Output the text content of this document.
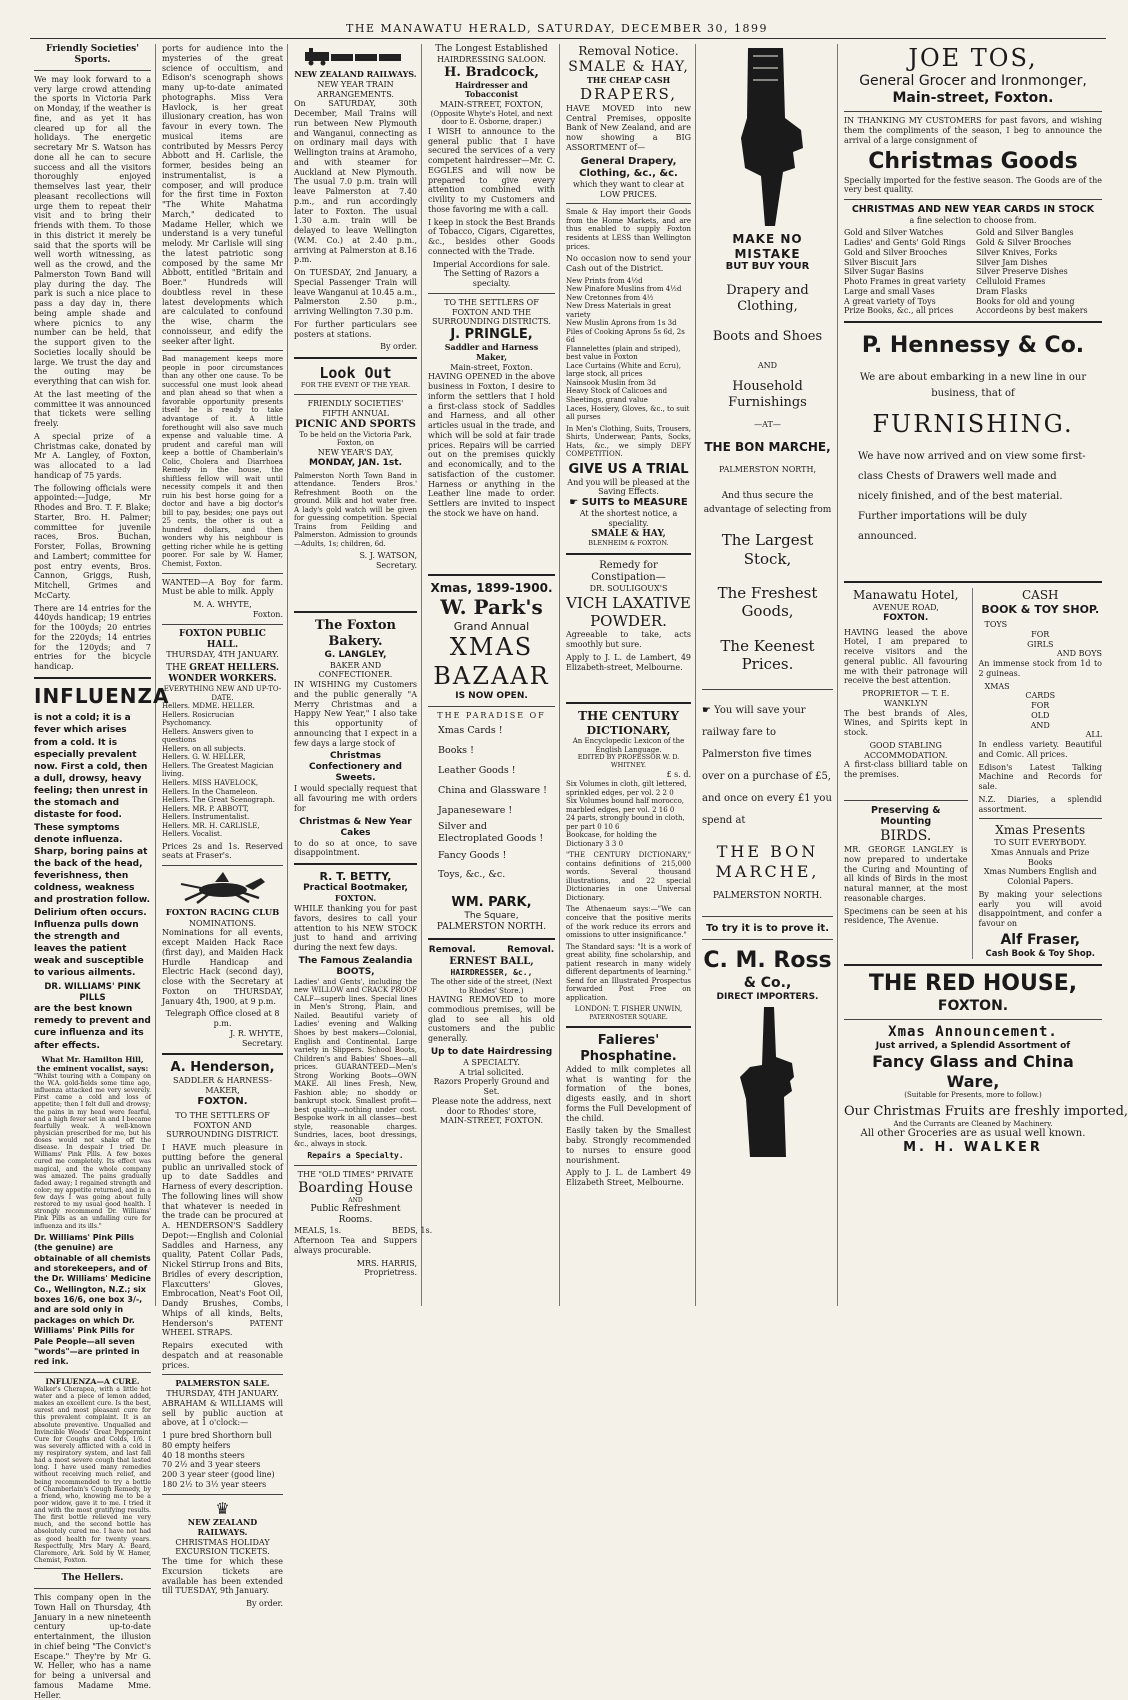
THE MANAWATU HERALD, SATURDAY, DECEMBER 30, 1899
Friendly Societies' Sports.

We may look forward to a very large crowd attending the sports in Victoria Park on Monday, if the weather is fine, and as yet it has cleared up for all the holidays. The energetic secretary Mr S. Watson has done all he can to secure success and all the visitors thoroughly enjoyed themselves last year, their pleasant recollections will urge them to repeat their visit and to bring their friends with them. To those in this district it merely be said that the sports will be well worth witnessing, as well as the crowd, and the Palmerston Town Band will play during the day. The park is such a nice place to pass a day day in, there being ample shade and where picnics to any number can be held, that the support given to the Societies locally should be large. We trust the day and the outing may be everything that can wish for.

At the last meeting of the committee it was announced that tickets were selling freely.

A special prize of a Christmas cake, donated by Mr A. Langley, of Foxton, was allocated to a lad handicap of 75 yards.

The following officials were appointed:—Judge, Mr Rhodes and Bro. T. F. Blake; Starter, Bro. H. Palmer; committee for juvenile races, Bros. Buchan, Forster, Follas, Browning and Lambert; committee for post entry events, Bros. Cannon, Griggs, Rush, Mitchell, Grimes and McCarty.

There are 14 entries for the 440yds handicap; 19 entries for the 100yds; 20 entries for the 220yds; 14 entries for the 120yds; and 7 entries for the bicycle handicap.

INFLUENZA

is not a cold; it is a fever which arises from a cold. It is especially prevalent now. First a cold, then a dull, drowsy, heavy feeling; then unrest in the stomach and distaste for food. These symptoms denote influenza. Sharp, boring pains at the back of the head, feverishness, then coldness, weakness and prostration follow. Delirium often occurs. Influenza pulls down the strength and leaves the patient weak and susceptible to various ailments.

DR. WILLIAMS' PINK PILLS

are the best known remedy to prevent and cure influenza and its after effects.

What Mr. Hamilton Hill, the eminent vocalist, says:

"Whilst touring with a Company on the W.A. gold-fields some time ago, influenza attacked me very severely. First came a cold and loss of appetite; then I felt dull and drowsy; the pains in my head were fearful, and a high fever set in and I became fearfully weak. A well-known physician prescribed for me, but his doses would not shake off the disease. In despair I tried Dr. Williams' Pink Pills. A few boxes cured me completely. Its effect was magical, and the whole company was amazed. The pains gradually faded away; I regained strength and color; my appetite returned, and in a few days I was going about fully restored to my usual good health. I strongly recommend Dr. Williams' Pink Pills as an unfailing cure for influenza and its ills."

Dr. Williams' Pink Pills (the genuine) are obtainable of all chemists and storekeepers, and of the Dr. Williams' Medicine Co., Wellington, N.Z.; six boxes 16/6, one box 3/-, and are sold only in packages on which Dr. Williams' Pink Pills for Pale People—all seven "words"—are printed in red ink.

INFLUENZA—A CURE.

Walker's Cherapea, with a little hot water and a piece of lemon added, makes an excellent cure. Is the best, surest and most pleasant cure for this prevalent complaint. It is an absolute preventive. Unqualled and Invincible Woods' Great Peppermint Cure for Coughs and Colds, 1/6. I was severely afflicted with a cold in my respiratory system, and last fall had a most severe cough that lasted long. I have used many remedies without receiving much relief, and being recommended to try a bottle of Chamberlain's Cough Remedy, by a friend, who, knowing me to be a poor widow, gave it to me. I tried it and with the most gratifying results. The first bottle relieved me very much, and the second bottle has absolutely cured me. I have not had as good health for twenty years. Respectfully, Mrs Mary A. Beard, Claremore, Ark. Sold by W. Hamer, Chemist, Foxton.

The Hellers.

This company open in the Town Hall on Thursday, 4th January in a new nineteenth century up-to-date entertainment, the illusion in chief being "The Convict's Escape." They're by Mr G. W. Heller, who has a name for being a universal and famous Madame Mme. Heller.

ports for audience into the mysteries of the great science of occultism, and Edison's scenograph shows many up-to-date animated photographs. Miss Vera Havlock, is her great illusionary creation, has won favour in every town. The musical items are contributed by Messrs Percy Abbott and H. Carlisle, the former, besides being an instrumentalist, is a composer, and will produce for the first time in Foxton "The White Mahatma March," dedicated to Madame Heller, which we understand is a very tuneful melody. Mr Carlisle will sing the latest patriotic song composed by the same Mr Abbott, entitled "Britain and Boer." Hundreds will doubtless revel in these latest developments which are calculated to confound the wise, charm the connoisseur, and edify the seeker after light.

Bad management keeps more people in poor circumstances than any other one cause. To be successful one must look ahead and plan ahead so that when a favorable opportunity presents itself he is ready to take advantage of it. A little forethought will also save much expense and valuable time. A prudent and careful man will keep a bottle of Chamberlain's Colic, Cholera and Diarrhoea Remedy in the house, the shiftless fellow will wait until necessity compels it and then ruin his best horse going for a doctor and have a big doctor's bill to pay, besides; one pays out 25 cents, the other is out a hundred dollars, and then wonders why his neighbour is getting richer while he is getting poorer. For sale by W. Hamer, Chemist, Foxton.

WANTED—A Boy for farm. Must be able to milk. Apply

M. A. WHYTE,
Foxton.
FOXTON PUBLIC HALL.
THURSDAY, 4TH JANUARY.
THE GREAT HELLERS.
WONDER WORKERS.
EVERYTHING NEW AND UP-TO-DATE.
Hellers. MDME. HELLER.
Hellers. Rosicrucian Psychomancy.
Hellers. Answers given to questions
Hellers. on all subjects.
Hellers. G. W. HELLER,
Hellers. The Greatest Magician living.
Hellers. MISS HAVELOCK,
Hellers. In the Chameleon.
Hellers. The Great Scenograph.
Hellers. MR. P. ABBOTT,
Hellers. Instrumentalist.
Hellers. MR. H. CARLISLE,
Hellers. Vocalist.

Prices 2s and 1s. Reserved seats at Fraser's.

FOXTON RACING CLUB
NOMINATIONS.

Nominations for all events, except Maiden Hack Race (first day), and Maiden Hack Hurdle Handicap and Electric Hack (second day), close with the Secretary at Foxton on THURSDAY, January 4th, 1900, at 9 p.m.

Telegraph Office closed at 8 p.m.
J. R. WHYTE,
Secretary.
A. Henderson,
SADDLER & HARNESS-MAKER,
FOXTON.
TO THE SETTLERS OF FOXTON AND SURROUNDING DISTRICT.

I HAVE much pleasure in putting before the general public an unrivalled stock of up to date Saddles and Harness of every description. The following lines will show that whatever is needed in the trade can be procured at A. HENDERSON'S Saddlery Depot:—English and Colonial Saddles and Harness, any quality, Patent Collar Pads, Nickel Stirrup Irons and Bits, Bridles of every description, Flaxcutters' Gloves, Embrocation, Neat's Foot Oil, Dandy Brushes, Combs, Whips of all kinds, Belts, Henderson's PATENT WHEEL STRAPS.

Repairs executed with despatch and at reasonable prices.

PALMERSTON SALE.
THURSDAY, 4TH JANUARY.

ABRAHAM & WILLIAMS will sell by public auction at above, at 1 o'clock:—

1 pure bred Shorthorn bull
80 empty heifers
40 18 months steers
70 2½ and 3 year steers
200 3 year steer (good line)
180 2½ to 3½ year steers
♛
NEW ZEALAND RAILWAYS.
CHRISTMAS HOLIDAY EXCURSION TICKETS.

The time for which these Excursion tickets are available has been extended till TUESDAY, 9th January.

By order.
NEW ZEALAND RAILWAYS.
NEW YEAR TRAIN ARRANGEMENTS.

On SATURDAY, 30th December, Mail Trains will run between New Plymouth and Wanganui, connecting as on ordinary mail days with Wellington trains at Aramoho, and with steamer for Auckland at New Plymouth. The usual 7.0 p.m. train will leave Palmerston at 7.40 p.m., and run accordingly later to Foxton. The usual 1.30 a.m. train will be delayed to leave Wellington (W.M. Co.) at 2.40 p.m., arriving at Palmerston at 8.16 p.m.

On TUESDAY, 2nd January, a Special Passenger Train will leave Wanganui at 10.45 a.m., Palmerston 2.50 p.m., arriving Wellington 7.30 p.m.

For further particulars see posters at stations.

By order.
Look Out
FOR THE EVENT OF THE YEAR.
FRIENDLY SOCIETIES' FIFTH ANNUAL
PICNIC AND SPORTS
To be held on the Victoria Park, Foxton, on
NEW YEAR'S DAY,
MONDAY, JAN. 1st.

Palmerston North Town Band in attendance. Tenders Bros.' Refreshment Booth on the ground. Milk and hot water free. A lady's gold watch will be given for guessing competition. Special Trains from Feilding and Palmerston. Admission to grounds—Adults, 1s; children, 6d.

S. J. WATSON,
Secretary.
The Foxton Bakery.
G. LANGLEY,
BAKER AND CONFECTIONER.

IN WISHING my Customers and the public generally "A Merry Christmas and a Happy New Year," I also take this opportunity of announcing that I expect in a few days a large stock of

Christmas Confectionery and Sweets.

I would specially request that all favouring me with orders for

Christmas & New Year Cakes

to do so at once, to save disappointment.

R. T. BETTY,
Practical Bootmaker,
FOXTON.

WHILE thanking you for past favors, desires to call your attention to his NEW STOCK just to hand and arriving during the next few days.

The Famous Zealandia BOOTS,

Ladies' and Gents', including the new WILLOW and CRACK PROOF CALF—superb lines. Special lines in Men's Strong, Plain, and Nailed. Beautiful variety of Ladies' evening and Walking Shoes by best makers—Colonial, English and Continental. Large variety in Slippers. School Boots, Children's and Babies' Shoes—all prices. GUARANTEED—Men's Strong Working Boots—OWN MAKE. All lines Fresh, New, Fashion able; no shoddy or bankrupt stock. Smallest profit—best quality—nothing under cost. Bespoke work in all classes—best style, reasonable charges. Sundries, laces, boot dressings, &c., always in stock.

Repairs a Specialty.
THE "OLD TIMES" PRIVATE
Boarding House
AND
Public Refreshment Rooms.
MEALS, 1s.                    BEDS, 1s.

Afternoon Tea and Suppers always procurable.

MRS. HARRIS,
Proprietress.
The Longest Established
HAIRDRESSING SALOON.
H. Bradcock,
Hairdresser and Tobacconist
MAIN-STREET, FOXTON,
(Opposite Whyte's Hotel, and next door to E. Osborne, draper.)

I WISH to announce to the general public that I have secured the services of a very competent hairdresser—Mr. C. EGGLES and will now be prepared to give every attention combined with civility to my Customers and those favoring me with a call.

I keep in stock the Best Brands of Tobacco, Cigars, Cigarettes, &c., besides other Goods connected with the Trade.

Imperial Accordions for sale.
The Setting of Razors a specialty.
TO THE SETTLERS OF FOXTON AND THE SURROUNDING DISTRICTS.
J. PRINGLE,
Saddler and Harness Maker,
Main-street, Foxton.

HAVING OPENED in the above business in Foxton, I desire to inform the settlers that I hold a first-class stock of Saddles and Harness, and all other articles usual in the trade, and which will be sold at fair trade prices. Repairs will be carried out on the premises quickly and economically, and to the satisfaction of the customer. Harness or anything in the Leather line made to order. Settlers are invited to inspect the stock we have on hand.

Xmas, 1899-1900.
W. Park's
Grand Annual
XMAS
BAZAAR
IS NOW OPEN.
THE PARADISE OF
Xmas Cards !
Books !
Leather Goods !
China and Glassware !
Japaneseware !
Silver and Electroplated Goods !
Fancy Goods !
Toys, &c., &c.
WM. PARK,
The Square,
PALMERSTON NORTH.
Removal.          Removal.
ERNEST BALL,
HAIRDRESSER, &c.,
The other side of the street, (Next to Rhodes' Store.)

HAVING REMOVED to more commodious premises, will be glad to see all his old customers and the public generally.

Up to date Hairdressing
A SPECIALTY.
A trial solicited.
Razors Properly Ground and Set.
Please note the address, next door to Rhodes' store,
MAIN-STREET, FOXTON.
Removal Notice.
SMALE & HAY,
THE CHEAP CASH
DRAPERS,

HAVE MOVED into new Central Premises, opposite Bank of New Zealand, and are now showing a BIG ASSORTMENT of—

General Drapery, Clothing, &c., &c.
which they want to clear at LOW PRICES.

Smale & Hay import their Goods from the Home Markets, and are thus enabled to supply Foxton residents at LESS than Wellington prices.

No occasion now to send your Cash out of the District.

New Prints from 4½d
New Pinafore Muslins from 4½d
New Cretonnes from 4½
New Dress Materials in great variety
New Muslin Aprons from 1s 3d
Piles of Cooking Aprons 5s 6d, 2s 6d
Flannelettes (plain and striped), best value in Foxton
Lace Curtains (White and Ecru), large stock, all prices
Nainsook Muslin from 3d
Heavy Stock of Calicoes and Sheetings, grand value
Laces, Hosiery, Gloves, &c., to suit all purses

In Men's Clothing, Suits, Trousers, Shirts, Underwear, Pants, Socks, Hats, &c., we simply DEFY COMPETITION.

GIVE US A TRIAL
And you will be pleased at the Saving Effects.
☛ SUITS to MEASURE
At the shortest notice, a speciality.
SMALE & HAY,
BLENHEIM & FOXTON.
Remedy for Constipation—
DR. SOULIGOUX'S
VICH LAXATIVE
POWDER.

Agreeable to take, acts smoothly but sure.

Apply to J. L. de Lambert, 49 Elizabeth-street, Melbourne.

THE CENTURY
DICTIONARY,
An Encyclopedic Lexicon of the English Language.
EDITED BY PROFESSOR W. D. WHITNEY.
£ s. d.
Six Volumes in cloth, gilt lettered, sprinkled edges, per vol. 2 2 0
Six Volumes bound half morocco, marbled edges, per vol. 2 16 0
24 parts, strongly bound in cloth, per part 0 10 6
Bookcase, for holding the Dictionary 3 3 0

"THE CENTURY DICTIONARY," contains definitions of 215,000 words. Several thousand illustrations, and 22 special Dictionaries in one Universal Dictionary.

The Athenaeum says:—"We can conceive that the positive merits of the work reduce its errors and omissions to utter insignificance."

The Standard says: "It is a work of great ability, fine scholarship, and patient research in many widely different departments of learning." Send for an Illustrated Prospectus forwarded Post Free on application.

LONDON: T. FISHER UNWIN,
PATERNOSTER SQUARE.
Falieres' Phosphatine.

Added to milk completes all what is wanting for the formation of the bones, digests easily, and in short forms the Full Development of the child.

Easily taken by the Smallest baby. Strongly recommended to nurses to ensure good nourishment.

Apply to J. L. de Lambert 49 Elizabeth Street, Melbourne.

MAKE NO MISTAKE
BUT BUY YOUR
Drapery and Clothing,
Boots and Shoes
AND
Household Furnishings
—AT—
THE BON MARCHE,
PALMERSTON NORTH,
And thus secure the advantage of selecting from
The Largest Stock,
The Freshest Goods,
The Keenest Prices.

☛ You will save your railway fare to Palmerston five times over on a purchase of £5, and once on every £1 you spend at

THE BON
MARCHE,
PALMERSTON NORTH.
To try it is to prove it.
C. M. Ross
& Co.,
DIRECT IMPORTERS.
JOE TOS,
General Grocer and Ironmonger,
Main-street, Foxton.

IN THANKING MY CUSTOMERS for past favors, and wishing them the compliments of the season, I beg to announce the arrival of a large consignment of

Christmas Goods

Specially imported for the festive season. The Goods are of the very best quality.

CHRISTMAS AND NEW YEAR CARDS IN STOCK
a fine selection to choose from.
Gold and Silver Watches
Ladies' and Gents' Gold Rings
Gold and Silver Brooches
Silver Biscuit Jars
Silver Sugar Basins
Photo Frames in great variety
Large and small Vases
A great variety of Toys
Prize Books, &c., all prices
Gold and Silver Bangles
Gold & Silver Brooches
Silver Knives, Forks
Silver Jam Dishes
Silver Preserve Dishes
Celluloid Frames
Dram Flasks
Books for old and young
Accordeons by best makers
P. Hennessy & Co.
We are about embarking in a new line in our business, that of
FURNISHING.

We have now arrived and on view some first-class Chests of Drawers well made and nicely finished, and of the best material. Further importations will be duly announced.

Manawatu Hotel,
AVENUE ROAD,
FOXTON.

HAVING leased the above Hotel, I am prepared to receive visitors and the general public. All favouring me with their patronage will receive the best attention.

PROPRIETOR — T. E. WANKLYN

The best brands of Ales, Wines, and Spirits kept in stock.

GOOD STABLING ACCOMMODATION.

A first-class billiard table on the premises.

Preserving & Mounting
BIRDS.

MR. GEORGE LANGLEY is now prepared to undertake the Curing and Mounting of all kinds of Birds in the most natural manner, at the most reasonable charges.

Specimens can be seen at his residence, The Avenue.

CASH
BOOK & TOY SHOP.
TOYS
FOR
GIRLS
AND BOYS

An immense stock from 1d to 2 guineas.

XMAS
CARDS
FOR
OLD
AND
ALL

In endless variety. Beautiful and Comic. All prices.

Edison's Latest Talking Machine and Records for sale.

N.Z. Diaries, a splendid assortment.

Xmas Presents
TO SUIT EVERYBODY.
Xmas Annuals and Prize Books
Xmas Numbers English and Colonial Papers.

By making your selections early you will avoid disappointment, and confer a favour on

Alf Fraser,
Cash Book & Toy Shop.
THE RED HOUSE,
FOXTON.
Xmas Announcement.
Just arrived, a Splendid Assortment of
Fancy Glass and China Ware,
(Suitable for Presents, more to follow.)
Our Christmas Fruits are freshly imported,
And the Currants are Cleaned by Machinery.
All other Groceries are as usual well known.
M. H. WALKER
